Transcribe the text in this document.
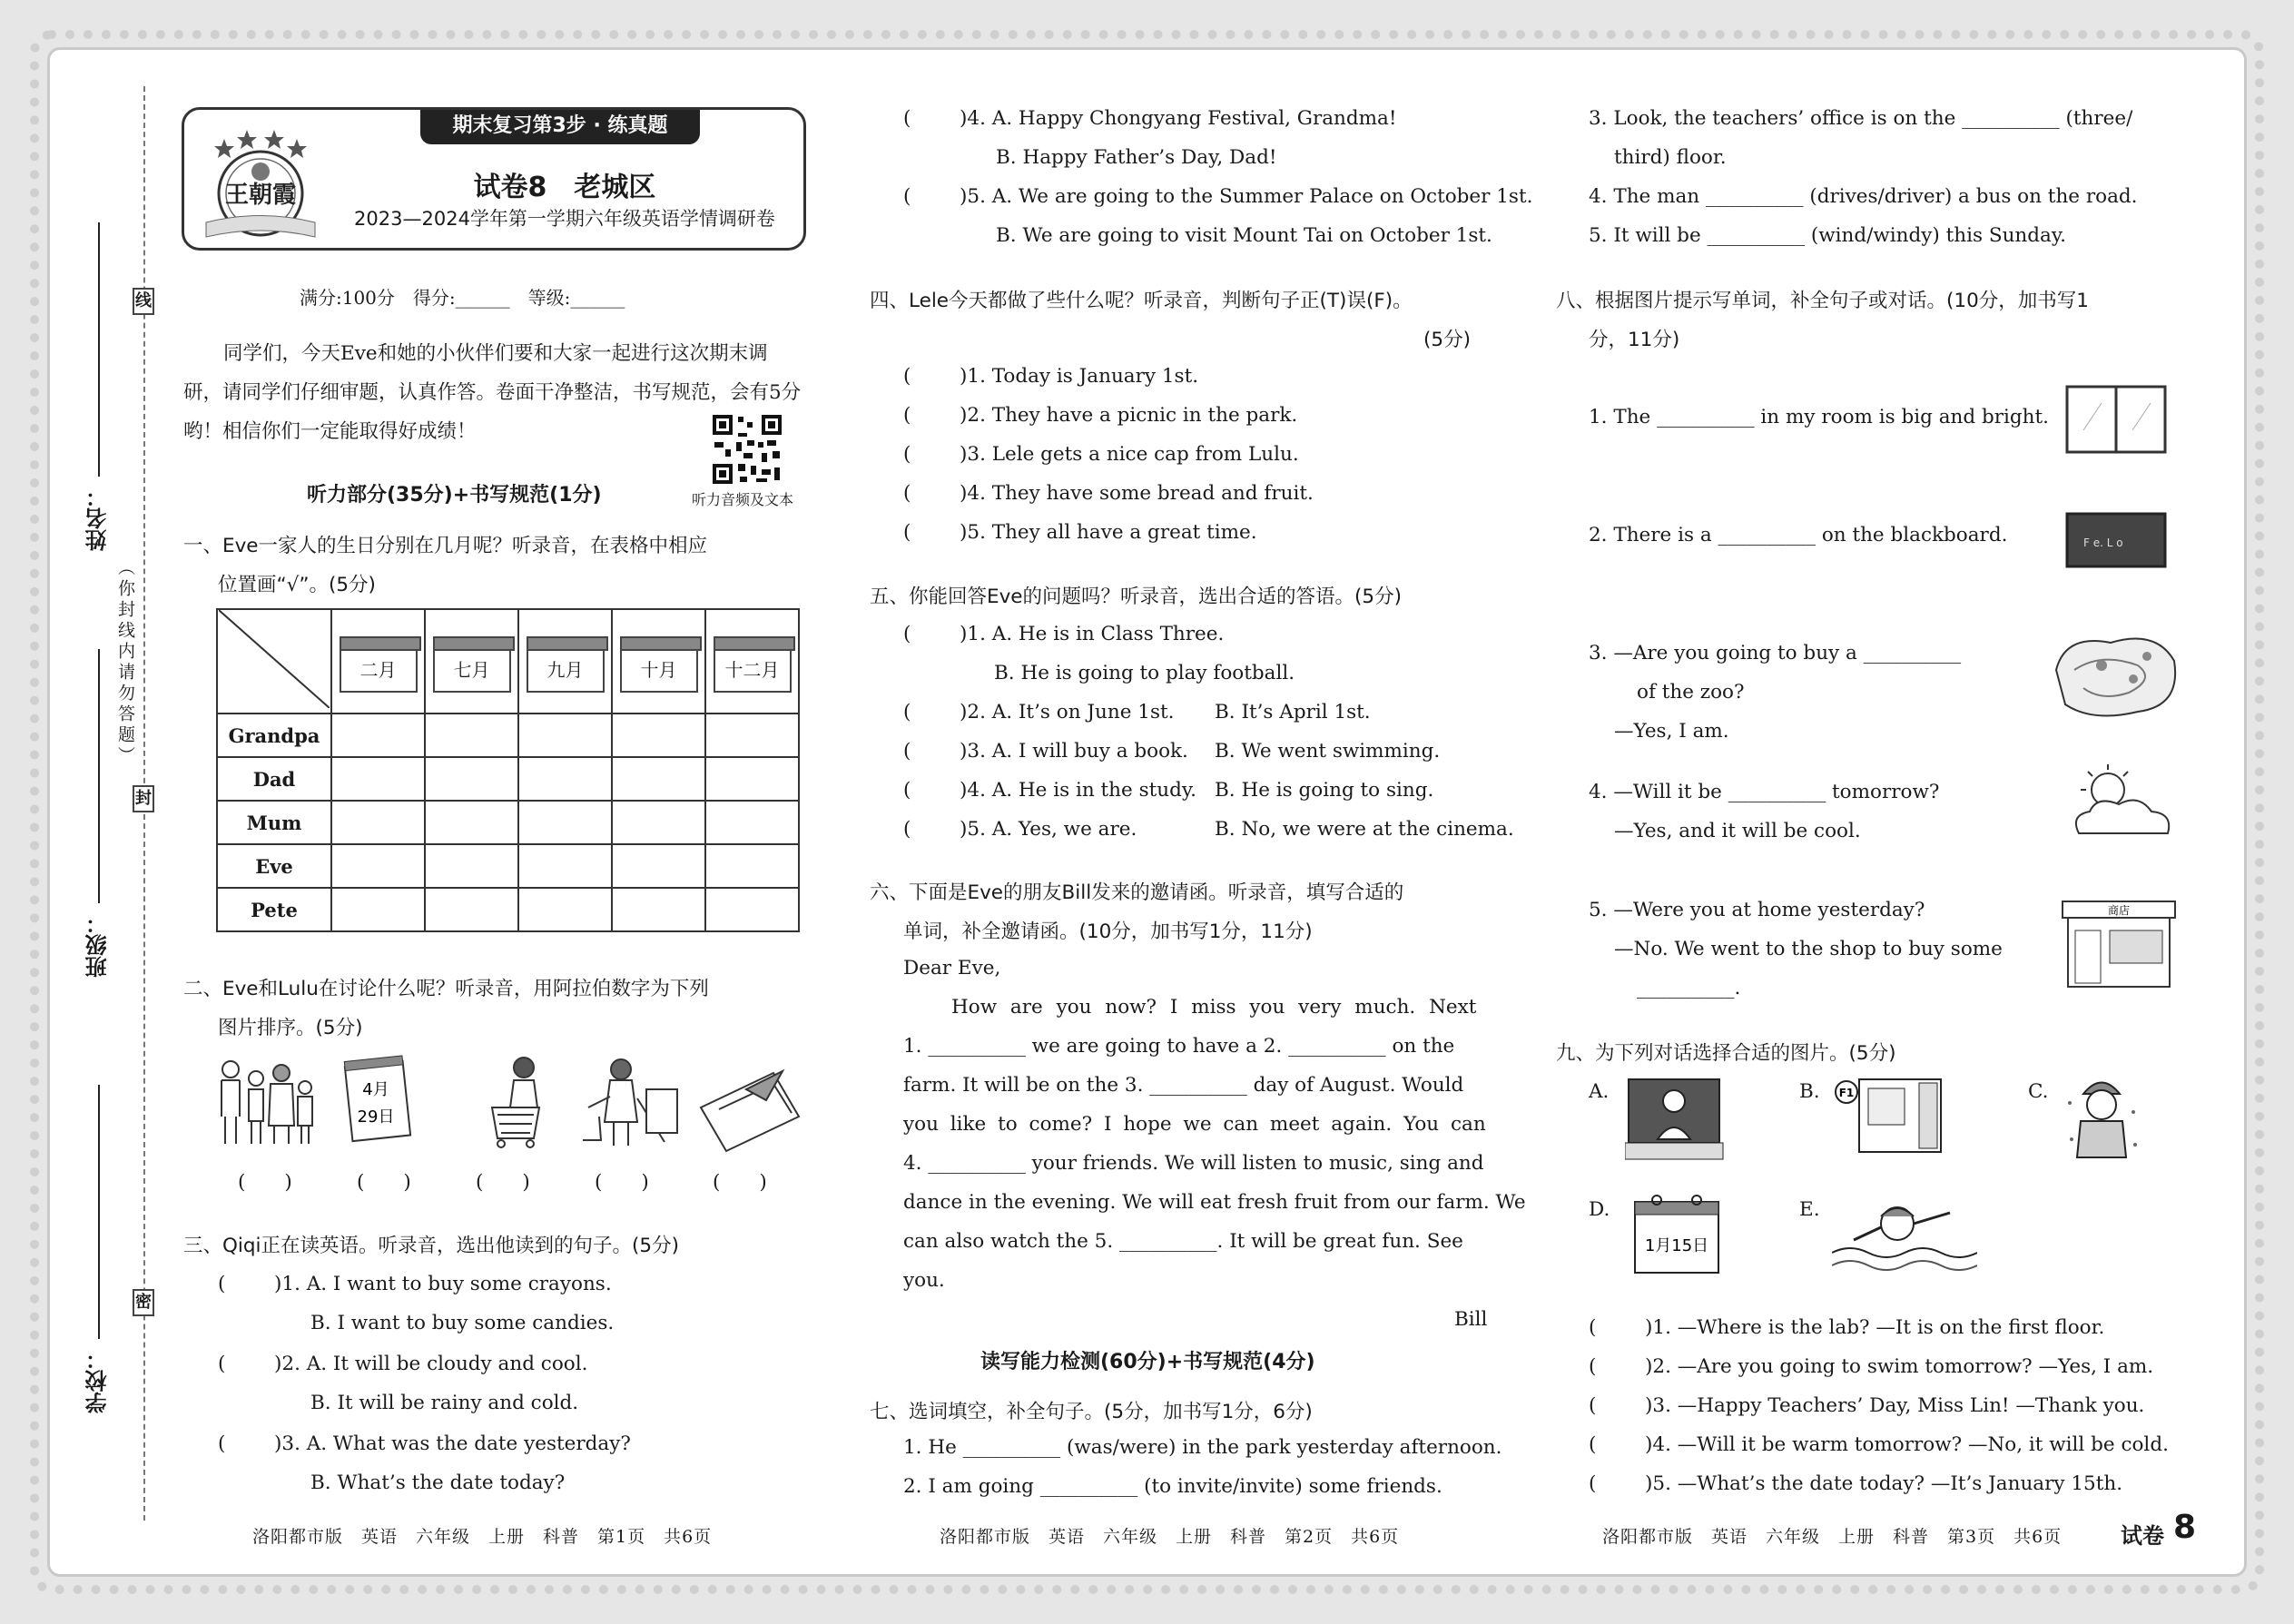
线
（你封线内请勿答题）
封
密
姓名：
班级：
学校：
期末复习第3步 · 练真题
王朝霞	试卷8　老城区
2023—2024学年第一学期六年级英语学情调研卷
满分:100分　得分:______　等级:______
同学们，今天Eve和她的小伙伴们要和大家一起进行这次期末调
研，请同学们仔细审题，认真作答。卷面干净整洁，书写规范，会有5分
哟！相信你们一定能取得好成绩！
听力音频及文本
听力部分(35分)+书写规范(1分)
一、Eve一家人的生日分别在几月呢？听录音，在表格中相应
位置画“√”。(5分)
	二月	七月	九月	十月	十二月
Grandpa					
Dad					
Mum					
Eve					
Pete					
二、Eve和Lulu在讨论什么呢？听录音，用阿拉伯数字为下列
图片排序。(5分)
4月
29日
(　　)	(　　)	(　　)	(　　)	(　　)
三、Qiqi正在读英语。听录音，选出他读到的句子。(5分)
( )1. A. I want to buy some crayons.
B. I want to buy some candies.
( )2. A. It will be cloudy and cool.
B. It will be rainy and cold.
( )3. A. What was the date yesterday?
B. What’s the date today?
洛阳都市版　英语　六年级　上册　科普　第1页　共6页
( )4. A. Happy Chongyang Festival, Grandma!
B. Happy Father’s Day, Dad!
( )5. A. We are going to the Summer Palace on October 1st.
B. We are going to visit Mount Tai on October 1st.
四、Lele今天都做了些什么呢？听录音，判断句子正(T)误(F)。
(5分)
( )1. Today is January 1st.
( )2. They have a picnic in the park.
( )3. Lele gets a nice cap from Lulu.
( )4. They have some bread and fruit.
( )5. They all have a great time.
五、你能回答Eve的问题吗？听录音，选出合适的答语。(5分)
( )1. A. He is in Class Three.
B. He is going to play football.
( )2. A. It’s on June 1st. B. It’s April 1st.
( )3. A. I will buy a book. B. We went swimming.
( )4. A. He is in the study. B. He is going to sing.
( )5. A. Yes, we are.	B. No, we were at the cinema.
六、下面是Eve的朋友Bill发来的邀请函。听录音，填写合适的
单词，补全邀请函。(10分，加书写1分，11分)
Dear Eve,
How are you now? I miss you very much. Next
1. __________ we are going to have a 2. __________ on the
farm. It will be on the 3. __________ day of August. Would
you like to come? I hope we can meet again. You can
4. __________ your friends. We will listen to music, sing and
dance in the evening. We will eat fresh fruit from our farm. We
can also watch the 5. __________. It will be great fun. See
you.
Bill
读写能力检测(60分)+书写规范(4分)
七、选词填空，补全句子。(5分，加书写1分，6分)
1. He __________ (was/were) in the park yesterday afternoon.
2. I am going __________ (to invite/invite) some friends.
洛阳都市版　英语　六年级　上册　科普　第2页　共6页
3. Look, the teachers’ office is on the __________ (three/
third) floor.
4. The man __________ (drives/driver) a bus on the road.
5. It will be __________ (wind/windy) this Sunday.
八、根据图片提示写单词，补全句子或对话。(10分，加书写1
分，11分)
1. The __________ in my room is big and bright.
2. There is a __________ on the blackboard.	F e. L o
3. —Are you going to buy a __________
of the zoo?
—Yes, I am.
4. —Will it be __________ tomorrow?
—Yes, and it will be cool.
5. —Were you at home yesterday?
—No. We went to the shop to buy some
__________.
商店
九、为下列对话选择合适的图片。(5分)
A.	B. F1	C.
D.
1月15日
E.
( )1. —Where is the lab? —It is on the first floor.
( )2. —Are you going to swim tomorrow? —Yes, I am.
( )3. —Happy Teachers’ Day, Miss Lin! —Thank you.
( )4. —Will it be warm tomorrow? —No, it will be cold.
( )5. —What’s the date today? —It’s January 15th.
洛阳都市版　英语　六年级　上册　科普　第3页　共6页	试卷 8
